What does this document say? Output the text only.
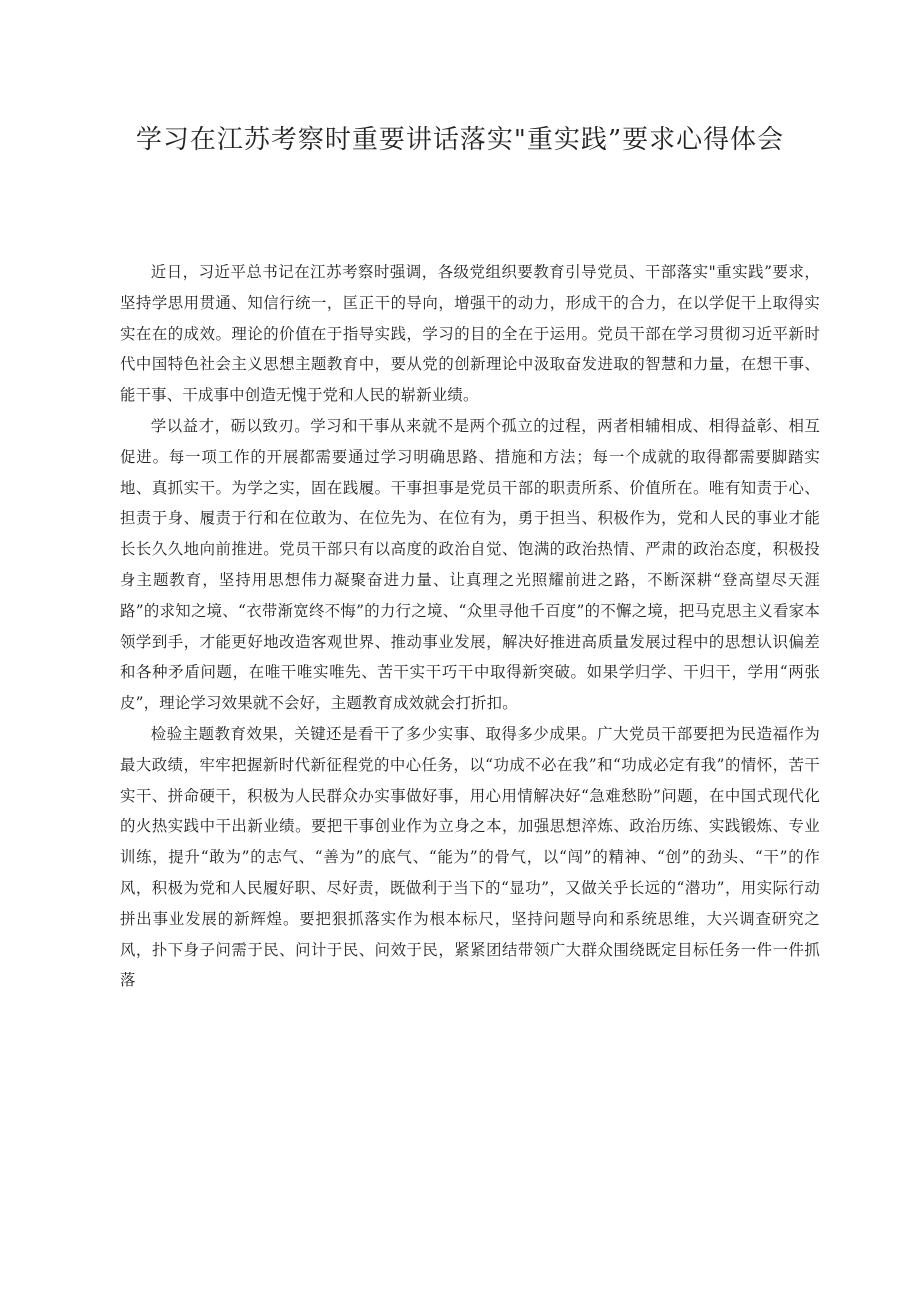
学习在江苏考察时重要讲话落实"重实践”要求心得体会

近日，习近平总书记在江苏考察时强调，各级党组织要教育引导党员、干部落实"重实践”要求，坚持学思用贯通、知信行统一，匡正干的导向，增强干的动力，形成干的合力，在以学促干上取得实实在在的成效。理论的价值在于指导实践，学习的目的全在于运用。党员干部在学习贯彻习近平新时代中国特色社会主义思想主题教育中，要从党的创新理论中汲取奋发进取的智慧和力量，在想干事、能干事、干成事中创造无愧于党和人民的崭新业绩。

学以益才，砺以致刃。学习和干事从来就不是两个孤立的过程，两者相辅相成、相得益彰、相互促进。每一项工作的开展都需要通过学习明确思路、措施和方法；每一个成就的取得都需要脚踏实地、真抓实干。为学之实，固在践履。干事担事是党员干部的职责所系、价值所在。唯有知责于心、担责于身、履责于行和在位敢为、在位先为、在位有为，勇于担当、积极作为，党和人民的事业才能长长久久地向前推进。党员干部只有以高度的政治自觉、饱满的政治热情、严肃的政治态度，积极投身主题教育，坚持用思想伟力凝聚奋进力量、让真理之光照耀前进之路，不断深耕“登高望尽天涯路”的求知之境、“衣带渐宽终不悔”的力行之境、“众里寻他千百度”的不懈之境，把马克思主义看家本领学到手，才能更好地改造客观世界、推动事业发展，解决好推进高质量发展过程中的思想认识偏差和各种矛盾问题，在唯干唯实唯先、苦干实干巧干中取得新突破。如果学归学、干归干，学用“两张皮”，理论学习效果就不会好，主题教育成效就会打折扣。

检验主题教育效果，关键还是看干了多少实事、取得多少成果。广大党员干部要把为民造福作为最大政绩，牢牢把握新时代新征程党的中心任务，以“功成不必在我”和“功成必定有我”的情怀，苦干实干、拼命硬干，积极为人民群众办实事做好事，用心用情解决好“急难愁盼”问题，在中国式现代化的火热实践中干出新业绩。要把干事创业作为立身之本，加强思想淬炼、政治历练、实践锻炼、专业训练，提升“敢为”的志气、“善为”的底气、“能为”的骨气，以“闯”的精神、“创”的劲头、“干”的作风，积极为党和人民履好职、尽好责，既做利于当下的“显功”，又做关乎长远的“潜功”，用实际行动拼出事业发展的新辉煌。要把狠抓落实作为根本标尺，坚持问题导向和系统思维，大兴调查研究之风，扑下身子问需于民、问计于民、问效于民，紧紧团结带领广大群众围绕既定目标任务一件一件抓落
